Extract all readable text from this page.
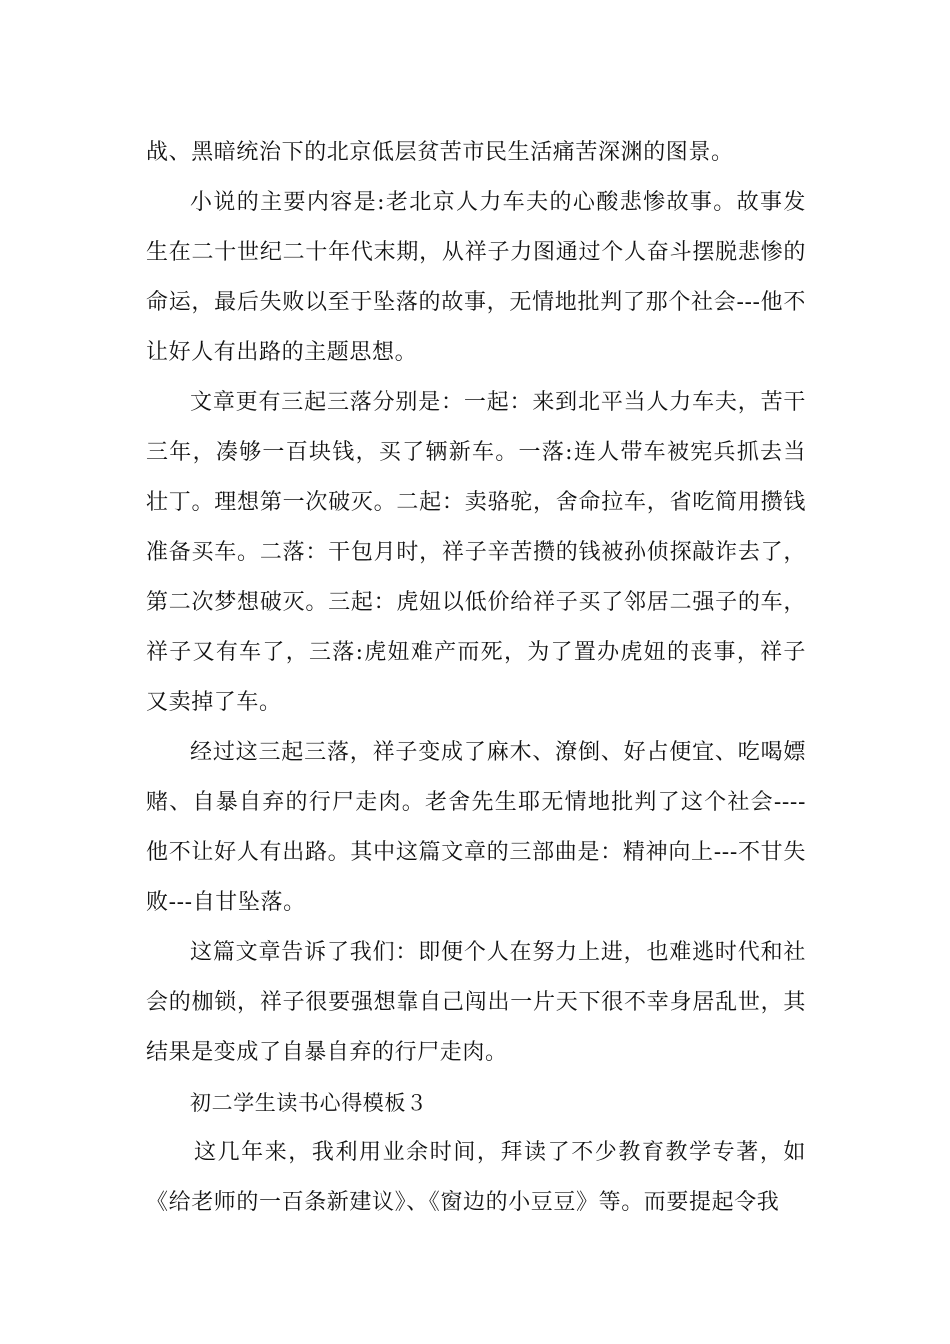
战、黑暗统治下的北京低层贫苦市民生活痛苦深渊的图景。

小说的主要内容是:老北京人力车夫的心酸悲惨故事。故事发生在二十世纪二十年代末期，从祥子力图通过个人奋斗摆脱悲惨的命运，最后失败以至于坠落的故事，无情地批判了那个社会---他不让好人有出路的主题思想。

文章更有三起三落分别是：一起：来到北平当人力车夫，苦干三年，凑够一百块钱，买了辆新车。一落:连人带车被宪兵抓去当壮丁。理想第一次破灭。二起：卖骆驼，舍命拉车，省吃简用攒钱准备买车。二落：干包月时，祥子辛苦攒的钱被孙侦探敲诈去了，第二次梦想破灭。三起：虎妞以低价给祥子买了邻居二强子的车，祥子又有车了，三落:虎妞难产而死，为了置办虎妞的丧事，祥子又卖掉了车。

经过这三起三落，祥子变成了麻木、潦倒、好占便宜、吃喝嫖赌、自暴自弃的行尸走肉。老舍先生耶无情地批判了这个社会----他不让好人有出路。其中这篇文章的三部曲是：精神向上---不甘失败---自甘坠落。

这篇文章告诉了我们：即便个人在努力上进，也难逃时代和社会的枷锁，祥子很要强想靠自己闯出一片天下很不幸身居乱世，其结果是变成了自暴自弃的行尸走肉。

初二学生读书心得模板３

这几年来，我利用业余时间，拜读了不少教育教学专著，如《给老师的一百条新建议》、《窗边的小豆豆》等。而要提起令我
